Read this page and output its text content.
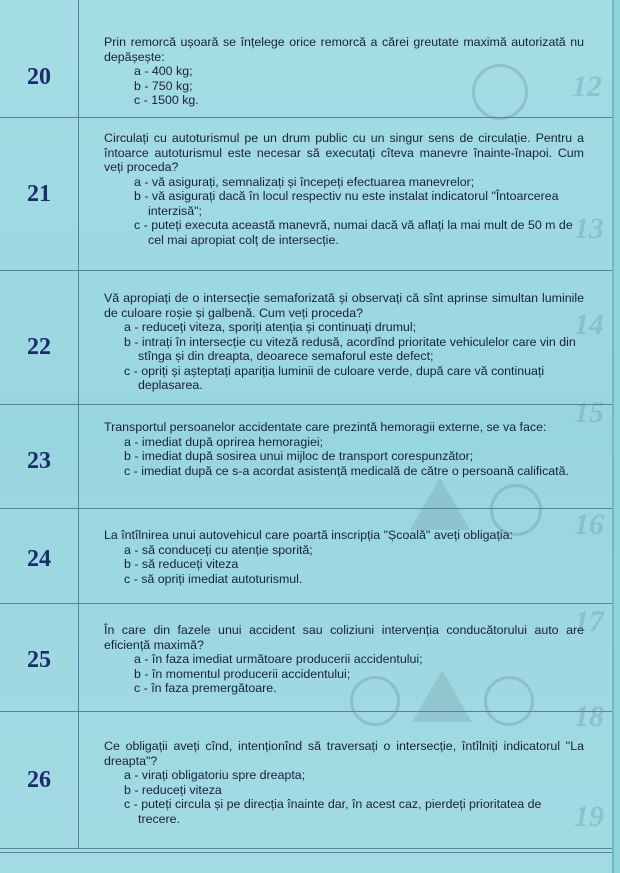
12
13
14
15
16
17
18
19
20

Prin remorcă ușoară se înțelege orice remorcă a cărei greutate maximă autorizată nu depășește:

a - 400 kg;

b - 750 kg;

c - 1500 kg.

21

Circulați cu autoturismul pe un drum public cu un singur sens de circulație. Pentru a întoarce autoturismul este necesar să executați cîteva manevre înainte-înapoi. Cum veți proceda?

a - vă asigurați, semnalizați și începeți efectuarea manevrelor;

b - vă asigurați dacă în locul respectiv nu este instalat indicatorul "Întoarcerea interzisă";

c - puteți executa această manevră, numai dacă vă aflați la mai mult de 50 m de cel mai apropiat colț de intersecție.

22

Vă apropiați de o intersecție semaforizată și observați că sînt aprinse simultan luminile de culoare roșie și galbenă. Cum veți proceda?

a - reduceți viteza, sporiți atenția și continuați drumul;

b - intrați în intersecție cu viteză redusă, acordînd prioritate vehiculelor care vin din stînga și din dreapta, deoarece semaforul este defect;

c - opriți și așteptați apariția luminii de culoare verde, după care vă continuați deplasarea.

23

Transportul persoanelor accidentate care prezintă hemoragii externe, se va face:

a - imediat după oprirea hemoragiei;

b - imediat după sosirea unui mijloc de transport corespunzător;

c - imediat după ce s-a acordat asistență medicală de către o persoană calificată.

24

La întîlnirea unui autovehicul care poartă inscripția "Școală" aveți obligația:

a - să conduceți cu atenție sporită;

b - să reduceți viteza

c - să opriți imediat autoturismul.

25

În care din fazele unui accident sau coliziuni intervenția conducătorului auto are eficiență maximă?

a - în faza imediat următoare producerii accidentului;

b - în momentul producerii accidentului;

c - în faza premergătoare.

26

Ce obligații aveți cînd, intenționînd să traversați o intersecție, întîlniți indicatorul "La dreapta"?

a - virați obligatoriu spre dreapta;

b - reduceți viteza

c - puteți circula și pe direcția înainte dar, în acest caz, pierdeți prioritatea de trecere.
